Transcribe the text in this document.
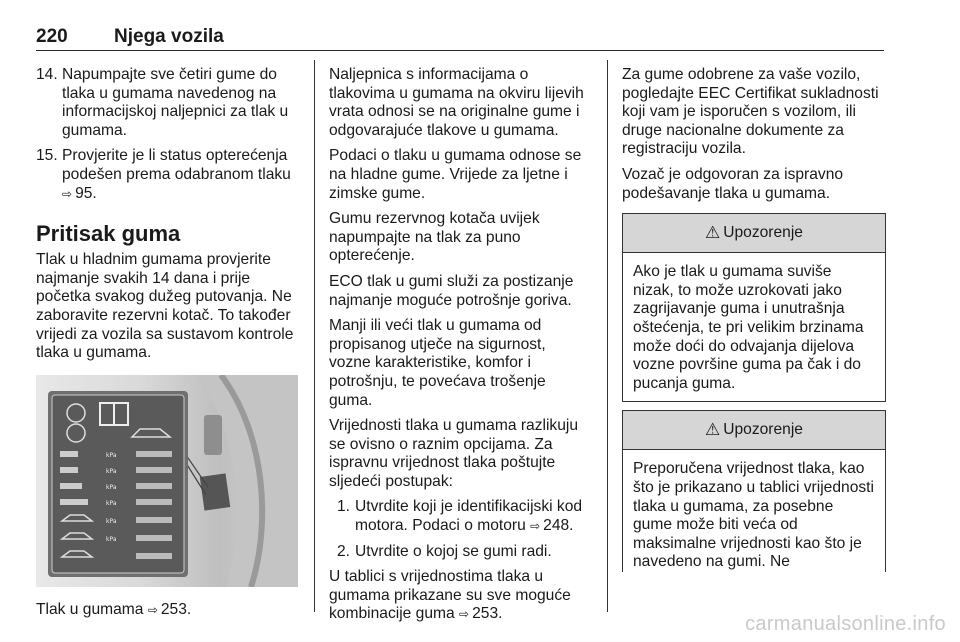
220 Njega vozila
14. Napumpajte sve četiri gume do tlaka u gumama navedenog na informacijskoj naljepnici za tlak u gumama.
15. Provjerite je li status opterećenja podešen prema odabranom tlaku

⇨ 95.
Pritisak guma

Tlak u hladnim gumama provjerite najmanje svakih 14 dana i prije početka svakog dužeg putovanja. Ne zaboravite rezervni kotač. To također vrijedi za vozila sa sustavom kontrole tlaka u gumama.

kPa
kPa
kPa
kPa
kPa
kPa
Tlak u gumama ⇨ 253.

Naljepnica s informacijama o tlakovima u gumama na okviru lijevih vrata odnosi se na originalne gume i odgovarajuće tlakove u gumama.

Podaci o tlaku u gumama odnose se na hladne gume. Vrijede za ljetne i zimske gume.

Gumu rezervnog kotača uvijek napumpajte na tlak za puno opterećenje.

ECO tlak u gumi služi za postizanje najmanje moguće potrošnje goriva.

Manji ili veći tlak u gumama od propisanog utječe na sigurnost, vozne karakteristike, komfor i potrošnju, te povećava trošenje guma.

Vrijednosti tlaka u gumama razlikuju se ovisno o raznim opcijama. Za ispravnu vrijednost tlaka poštujte sljedeći postupak:

1. Utvrdite koji je identifikacijski kod motora. Podaci o motoru ⇨ 248.
2. Utvrdite o kojoj se gumi radi.

U tablici s vrijednostima tlaka u gumama prikazane su sve moguće kombinacije guma ⇨ 253.

Za gume odobrene za vaše vozilo, pogledajte EEC Certifikat sukladnosti koji vam je isporučen s vozilom, ili druge nacionalne dokumente za registraciju vozila.

Vozač je odgovoran za ispravno podešavanje tlaka u gumama.

⚠ Upozorenje
Ako je tlak u gumama suviše nizak, to može uzrokovati jako zagrijavanje guma i unutrašnja oštećenja, te pri velikim brzinama može doći do odvajanja dijelova vozne površine guma pa čak i do pucanja guma.
⚠ Upozorenje
Preporučena vrijednost tlaka, kao što je prikazano u tablici vrijednosti tlaka u gumama, za posebne gume može biti veća od maksimalne vrijednosti kao što je navedeno na gumi. Ne
carmanualsonline.info
